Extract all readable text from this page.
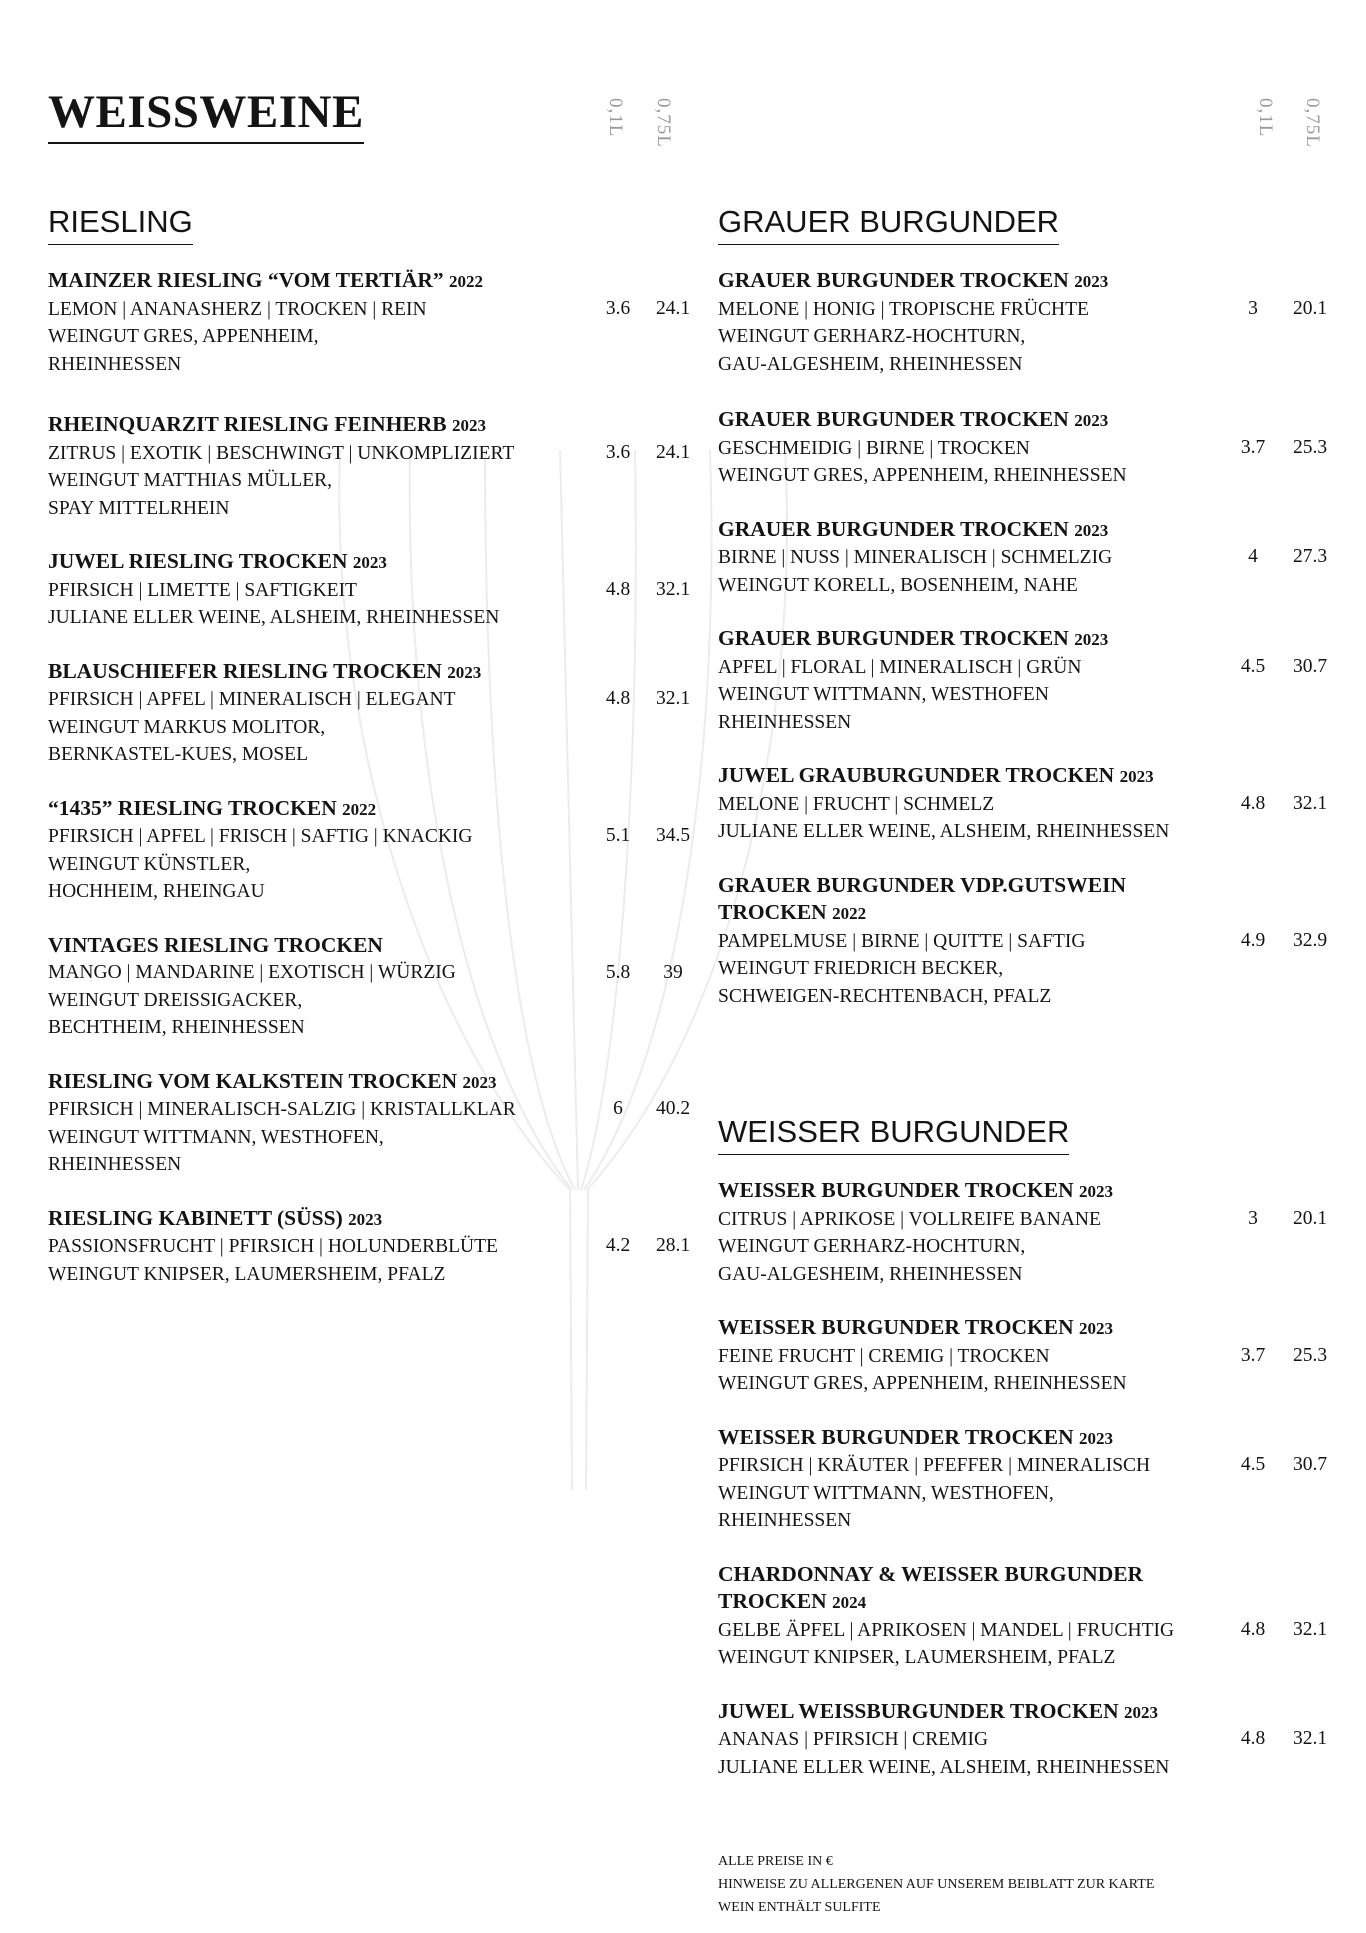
WEISSWEINE	0,1L 0,75L	0,1L 0,75L
RIESLING
MAINZER RIESLING “VOM TERTIÄR” 2022
LEMON | ANANASHERZ | TROCKEN | REIN
WEINGUT GRES, APPENHEIM,
RHEINHESSEN
3.6	24.1
RHEINQUARZIT RIESLING FEINHERB 2023
ZITRUS | EXOTIK | BESCHWINGT | UNKOMPLIZIERT
WEINGUT MATTHIAS MÜLLER,
SPAY MITTELRHEIN
3.6	24.1
JUWEL RIESLING TROCKEN 2023
PFIRSICH | LIMETTE | SAFTIGKEIT
JULIANE ELLER WEINE, ALSHEIM, RHEINHESSEN
4.8	32.1
BLAUSCHIEFER RIESLING TROCKEN 2023
PFIRSICH | APFEL | MINERALISCH | ELEGANT
WEINGUT MARKUS MOLITOR,
BERNKASTEL-KUES, MOSEL
4.8	32.1
“1435” RIESLING TROCKEN 2022
PFIRSICH | APFEL | FRISCH | SAFTIG | KNACKIG
WEINGUT KÜNSTLER,
HOCHHEIM, RHEINGAU
5.1	34.5
VINTAGES RIESLING TROCKEN
MANGO | MANDARINE | EXOTISCH | WÜRZIG
WEINGUT DREISSIGACKER,
BECHTHEIM, RHEINHESSEN
5.8	39
RIESLING VOM KALKSTEIN TROCKEN 2023
PFIRSICH | MINERALISCH-SALZIG | KRISTALLKLAR
WEINGUT WITTMANN, WESTHOFEN,
RHEINHESSEN
6	40.2
RIESLING KABINETT (SÜSS) 2023
PASSIONSFRUCHT | PFIRSICH | HOLUNDERBLÜTE
WEINGUT KNIPSER, LAUMERSHEIM, PFALZ
4.2	28.1
GRAUER BURGUNDER
GRAUER BURGUNDER TROCKEN 2023
MELONE | HONIG | TROPISCHE FRÜCHTE
WEINGUT GERHARZ-HOCHTURN,
GAU-ALGESHEIM, RHEINHESSEN
3	20.1
GRAUER BURGUNDER TROCKEN 2023
GESCHMEIDIG | BIRNE | TROCKEN
WEINGUT GRES, APPENHEIM, RHEINHESSEN
3.7	25.3
GRAUER BURGUNDER TROCKEN 2023
BIRNE | NUSS | MINERALISCH | SCHMELZIG
WEINGUT KORELL, BOSENHEIM, NAHE
4	27.3
GRAUER BURGUNDER TROCKEN 2023
APFEL | FLORAL | MINERALISCH | GRÜN
WEINGUT WITTMANN, WESTHOFEN
RHEINHESSEN
4.5	30.7
JUWEL GRAUBURGUNDER TROCKEN 2023
MELONE | FRUCHT | SCHMELZ
JULIANE ELLER WEINE, ALSHEIM, RHEINHESSEN
4.8	32.1
GRAUER BURGUNDER VDP.GUTSWEIN
TROCKEN 2022
PAMPELMUSE | BIRNE | QUITTE | SAFTIG
WEINGUT FRIEDRICH BECKER,
SCHWEIGEN-RECHTENBACH, PFALZ
4.9	32.9
WEISSER BURGUNDER
WEISSER BURGUNDER TROCKEN 2023
CITRUS | APRIKOSE | VOLLREIFE BANANE
WEINGUT GERHARZ-HOCHTURN,
GAU-ALGESHEIM, RHEINHESSEN
3	20.1
WEISSER BURGUNDER TROCKEN 2023
FEINE FRUCHT | CREMIG | TROCKEN
WEINGUT GRES, APPENHEIM, RHEINHESSEN
3.7	25.3
WEISSER BURGUNDER TROCKEN 2023
PFIRSICH | KRÄUTER | PFEFFER | MINERALISCH
WEINGUT WITTMANN, WESTHOFEN,
RHEINHESSEN
4.5	30.7
CHARDONNAY & WEISSER BURGUNDER
TROCKEN 2024
GELBE ÄPFEL | APRIKOSEN | MANDEL | FRUCHTIG
WEINGUT KNIPSER, LAUMERSHEIM, PFALZ
4.8	32.1
JUWEL WEISSBURGUNDER TROCKEN 2023
ANANAS | PFIRSICH | CREMIG
JULIANE ELLER WEINE, ALSHEIM, RHEINHESSEN
4.8	32.1
ALLE PREISE IN €
HINWEISE ZU ALLERGENEN AUF UNSEREM BEIBLATT ZUR KARTE
WEIN ENTHÄLT SULFITE
